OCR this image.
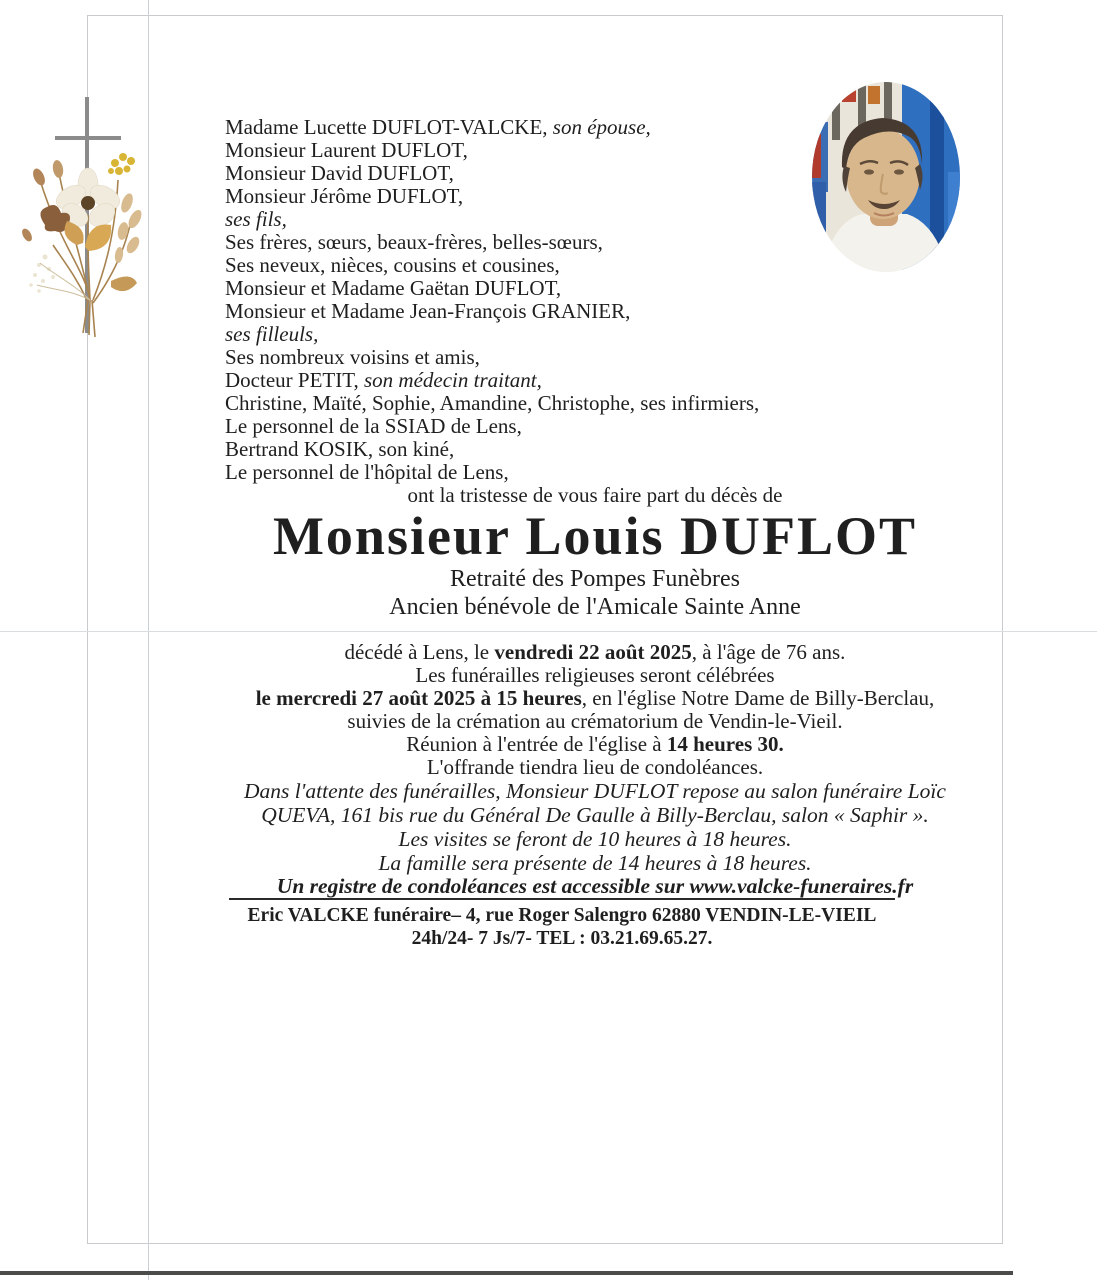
Madame Lucette DUFLOT-VALCKE, son épouse,

Monsieur Laurent DUFLOT,
Monsieur David DUFLOT,
Monsieur Jérôme DUFLOT,
ses fils,

Ses frères, sœurs, beaux-frères, belles-sœurs,

Ses neveux, nièces, cousins et cousines,

Monsieur et Madame Gaëtan DUFLOT,
Monsieur et Madame Jean-François GRANIER,
ses filleuls,

Ses nombreux voisins et amis,

Docteur PETIT, son médecin traitant,
Christine, Maïté, Sophie, Amandine, Christophe, ses infirmiers,
Le personnel de la SSIAD de Lens,
Bertrand KOSIK, son kiné,
Le personnel de l'hôpital de Lens,

ont la tristesse de vous faire part du décès de

Monsieur Louis DUFLOT

Retraité des Pompes Funèbres

Ancien bénévole de l'Amicale Sainte Anne

décédé à Lens, le vendredi 22 août 2025, à l'âge de 76 ans.

Les funérailles religieuses seront célébrées
le mercredi 27 août 2025 à 15 heures, en l'église Notre Dame de Billy-Berclau,
suivies de la crémation au crématorium de Vendin-le-Vieil.

Réunion à l'entrée de l'église à 14 heures 30.

L'offrande tiendra lieu de condoléances.

Dans l'attente des funérailles, Monsieur DUFLOT repose au salon funéraire Loïc
QUEVA, 161 bis rue du Général De Gaulle à Billy-Berclau, salon « Saphir ».
Les visites se feront de 10 heures à 18 heures.
La famille sera présente de 14 heures à 18 heures.

Un registre de condoléances est accessible sur www.valcke-funeraires.fr

Eric VALCKE funéraire– 4, rue Roger Salengro 62880 VENDIN-LE-VIEIL
24h/24- 7 Js/7- TEL : 03.21.69.65.27.
